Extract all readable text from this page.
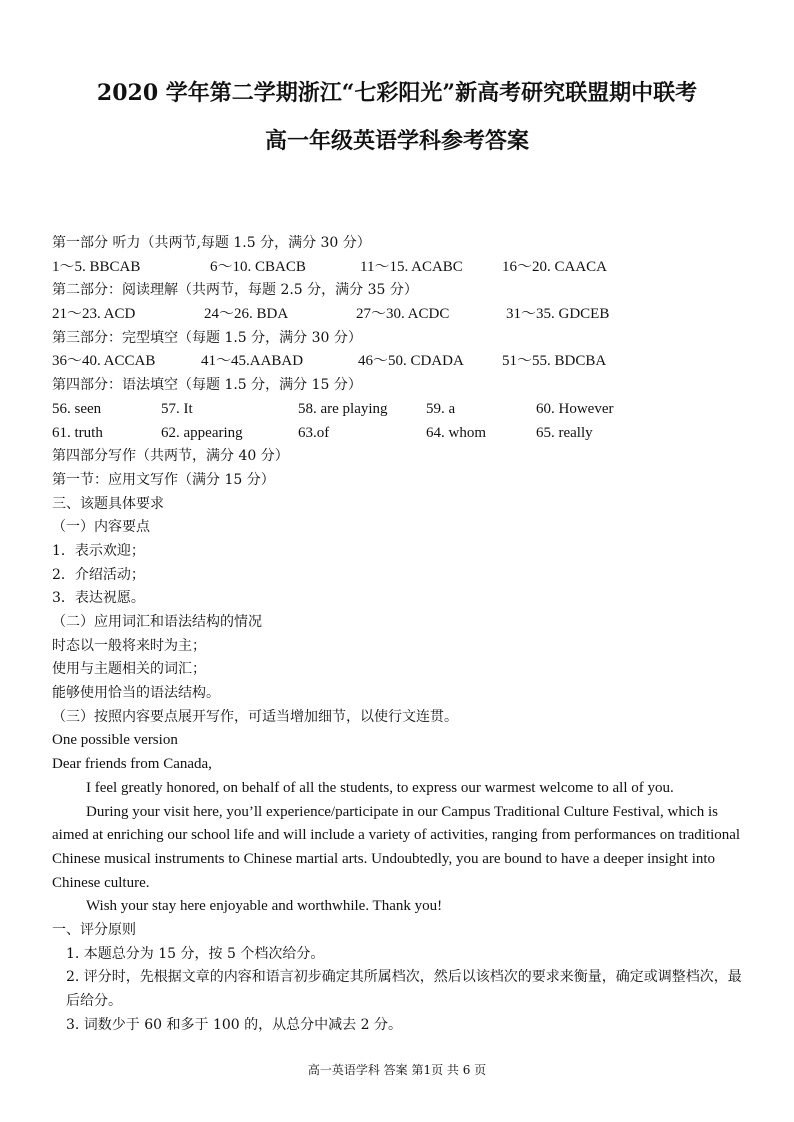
2020 学年第二学期浙江“七彩阳光”新高考研究联盟期中联考
高一年级英语学科参考答案
第一部分 听力（共两节,每题 1.5 分，满分 30 分）
1～5. BBCAB	6～10. CBACB	11～15. ACABC	16～20. CAACA
第二部分：阅读理解（共两节，每题 2.5 分，满分 35 分）
21～23. ACD	24～26. BDA	27～30. ACDC	31～35. GDCEB
第三部分：完型填空（每题 1.5 分，满分 30 分）
36～40. ACCAB	41～45.AABAD	46～50. CDADA	51～55. BDCBA
第四部分：语法填空（每题 1.5 分，满分 15 分）
56. seen	57. It	58. are playing	59. a	60. However
61. truth	62. appearing	63.of	64. whom	65. really
第四部分写作（共两节，满分 40 分）
第一节：应用文写作（满分 15 分）
三、该题具体要求
（一）内容要点
1．表示欢迎；
2．介绍活动；
3．表达祝愿。
（二）应用词汇和语法结构的情况
时态以一般将来时为主；
使用与主题相关的词汇；
能够使用恰当的语法结构。
（三）按照内容要点展开写作，可适当增加细节，以使行文连贯。

One possible version

Dear friends from Canada,

I feel greatly honored, on behalf of all the students, to express our warmest welcome to all of you.

During your visit here, you’ll experience/participate in our Campus Traditional Culture Festival, which is aimed at enriching our school life and will include a variety of activities, ranging from performances on traditional Chinese musical instruments to Chinese martial arts. Undoubtedly, you are bound to have a deeper insight into Chinese culture.

Wish your stay here enjoyable and worthwhile. Thank you!

一、评分原则
1. 本题总分为 15 分，按 5 个档次给分。
2. 评分时，先根据文章的内容和语言初步确定其所属档次，然后以该档次的要求来衡量，确定或调整档次，最后给分。
3. 词数少于 60 和多于 100 的，从总分中减去 2 分。
高一英语学科 答案 第1页 共 6 页
